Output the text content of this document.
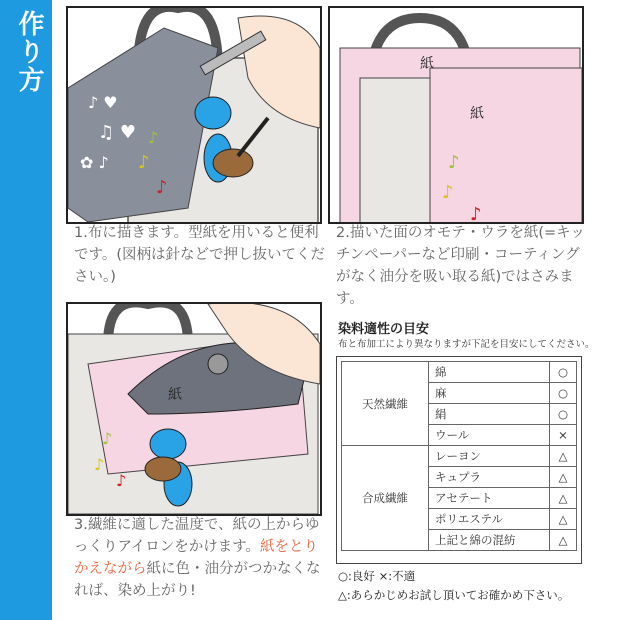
作り方
♪ ♥
♫ ♥
✿ ♪ ♪
♪
♪
1.布に描きます。型紙を用いると便利です。(図柄は針などで押し抜いてください。)
紙
紙
♪
♪
♪
2.描いた面のオモテ・ウラを紙(=キッチンペーパーなど印刷・コーティングがなく油分を吸い取る紙)ではさみます。
紙
♪
♪
♪
3.繊維に適した温度で、紙の上からゆっくりアイロンをかけます。紙をとりかえながら紙に色・油分がつかなくなれば、染め上がり!
染料適性の目安
布と布加工により異なりますが下記を目安にしてください。
天然繊維	綿	○
	麻	○
	絹	○
	ウール	×
合成繊維	レーヨン	△
	キュプラ	△
	アセテート	△
	ポリエステル	△
	上記と綿の混紡	△
○:良好 ×:不適
△:あらかじめお試し頂いてお確かめ下さい。
